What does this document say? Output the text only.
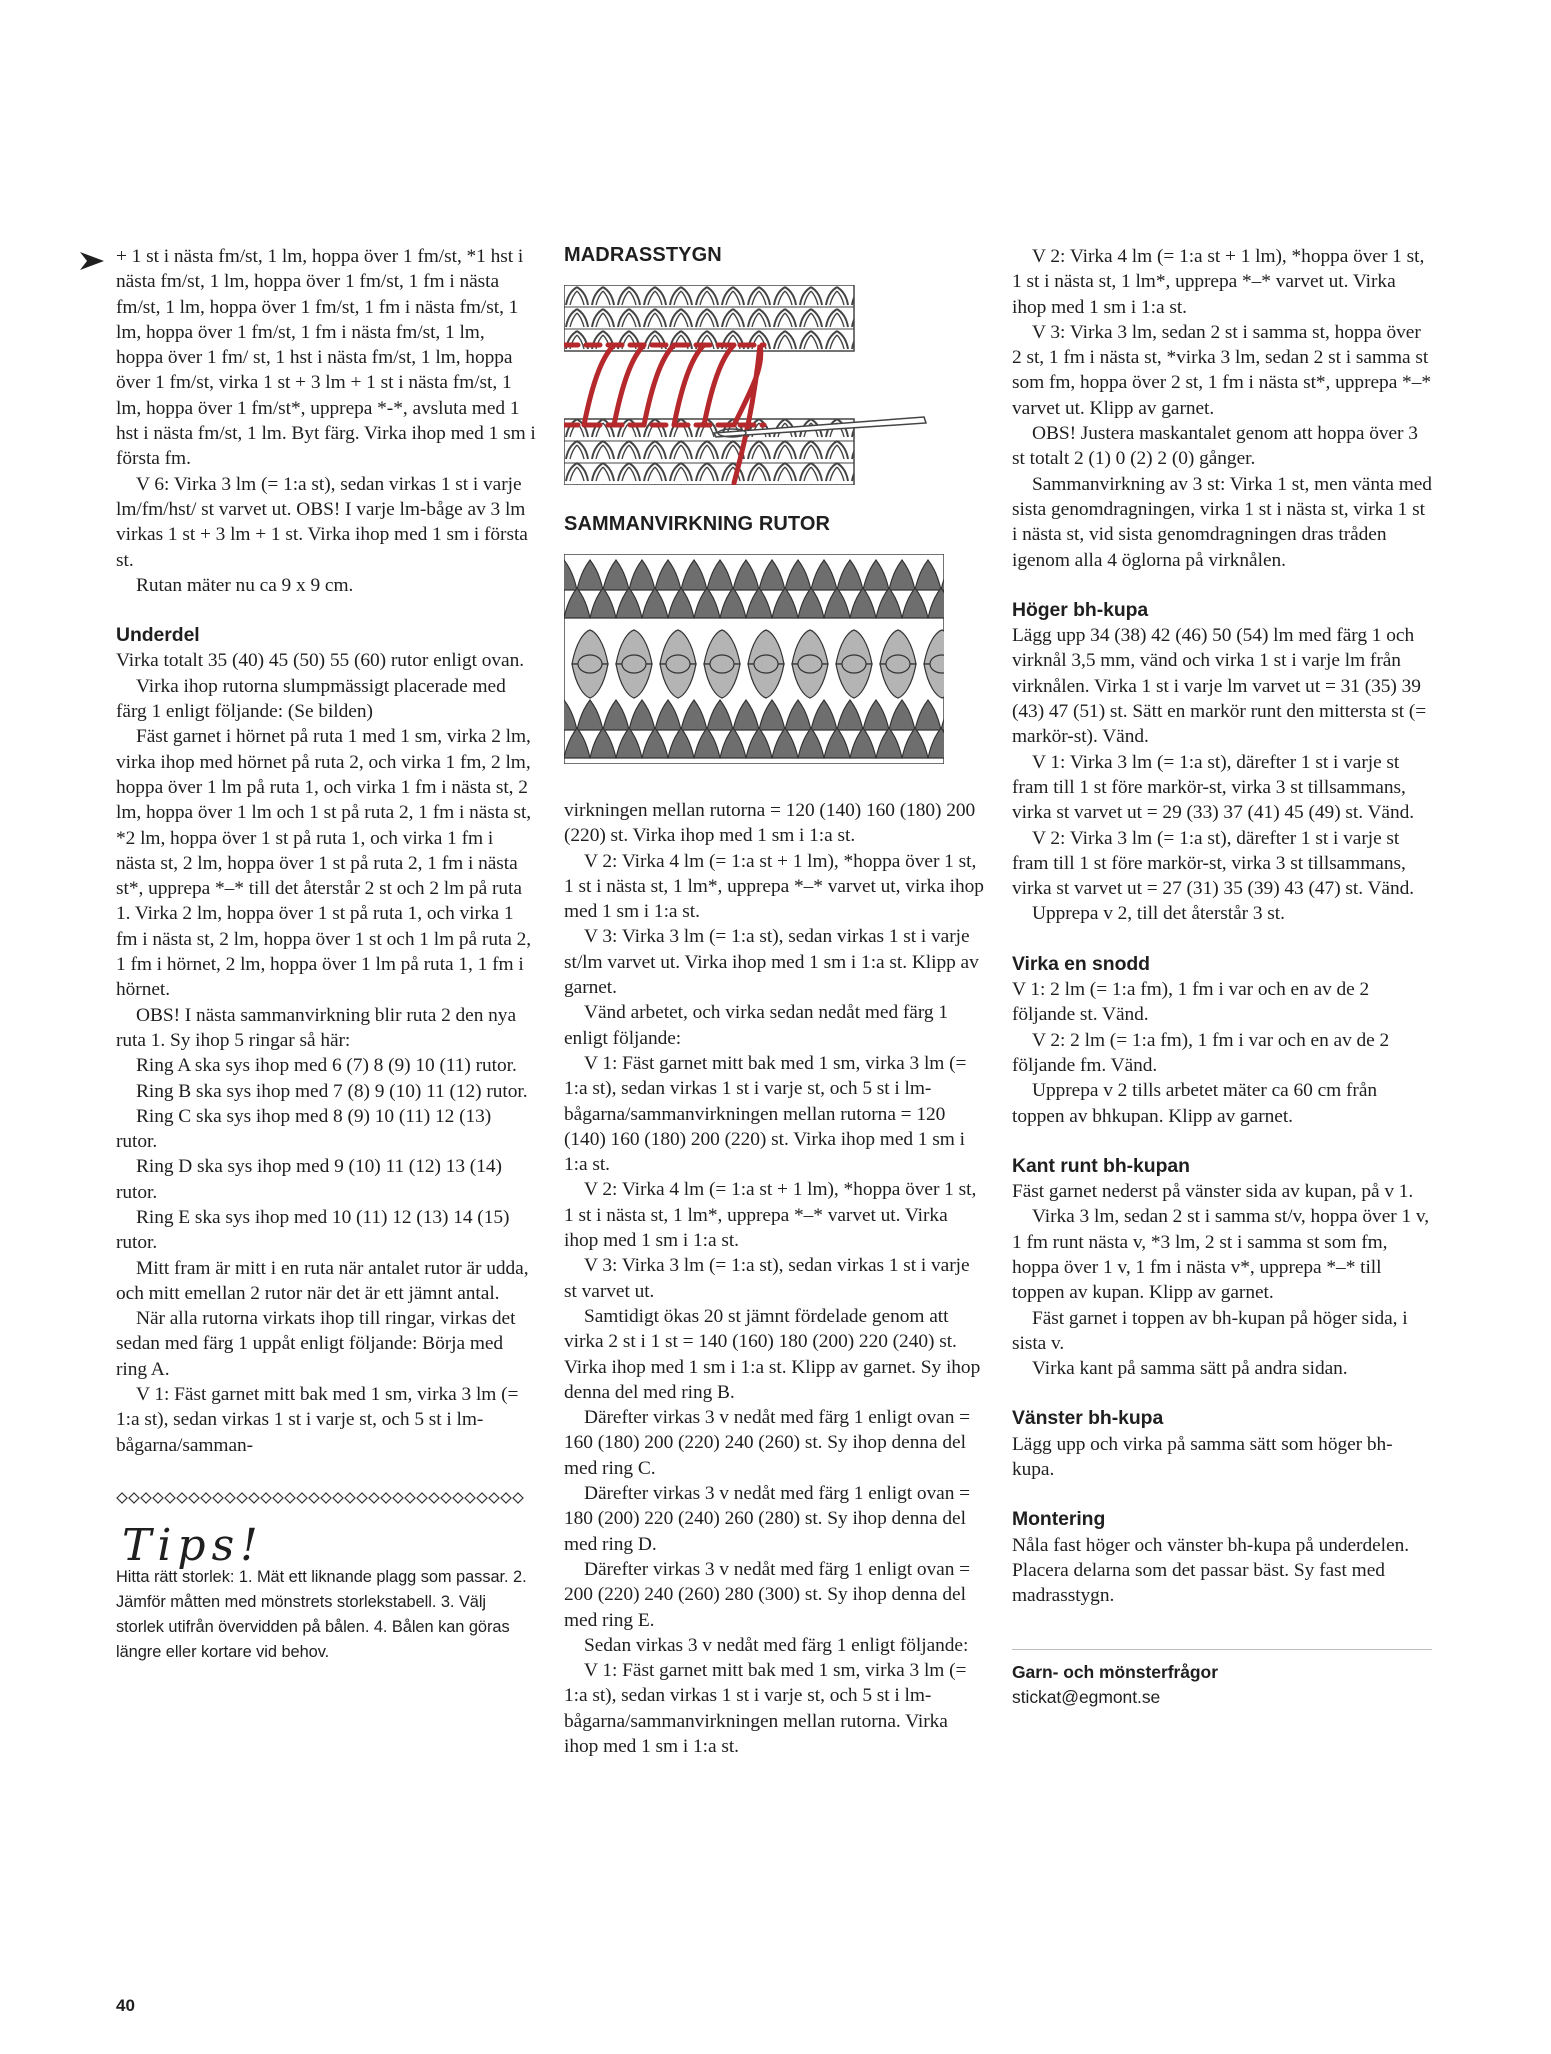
+ 1 st i nästa fm/st, 1 lm, hoppa över 1 fm/st, *1 hst i nästa fm/st, 1 lm, hoppa över 1 fm/st, 1 fm i nästa fm/st, 1 lm, hoppa över 1 fm/st, 1 fm i nästa fm/st, 1 lm, hoppa över 1 fm/st, 1 fm i nästa fm/st, 1 lm, hoppa över 1 fm/ st, 1 hst i nästa fm/st, 1 lm, hoppa över 1 fm/st, virka 1 st + 3 lm + 1 st i nästa fm/st, 1 lm, hoppa över 1 fm/st*, upprepa *-*, avsluta med 1 hst i nästa fm/st, 1 lm. Byt färg. Virka ihop med 1 sm i första fm.

V 6: Virka 3 lm (= 1:a st), sedan virkas 1 st i varje lm/fm/hst/ st varvet ut. OBS! I varje lm-båge av 3 lm virkas 1 st + 3 lm + 1 st. Virka ihop med 1 sm i första st.

Rutan mäter nu ca 9 x 9 cm.

Underdel

Virka totalt 35 (40) 45 (50) 55 (60) rutor enligt ovan.

Virka ihop rutorna slumpmässigt placerade med färg 1 enligt följande: (Se bilden)

Fäst garnet i hörnet på ruta 1 med 1 sm, virka 2 lm, virka ihop med hörnet på ruta 2, och virka 1 fm, 2 lm, hoppa över 1 lm på ruta 1, och virka 1 fm i nästa st, 2 lm, hoppa över 1 lm och 1 st på ruta 2, 1 fm i nästa st, *2 lm, hoppa över 1 st på ruta 1, och virka 1 fm i nästa st, 2 lm, hoppa över 1 st på ruta 2, 1 fm i nästa st*, upprepa *–* till det återstår 2 st och 2 lm på ruta 1. Virka 2 lm, hoppa över 1 st på ruta 1, och virka 1 fm i nästa st, 2 lm, hoppa över 1 st och 1 lm på ruta 2, 1 fm i hörnet, 2 lm, hoppa över 1 lm på ruta 1, 1 fm i hörnet.

OBS! I nästa sammanvirkning blir ruta 2 den nya ruta 1. Sy ihop 5 ringar så här:

Ring A ska sys ihop med 6 (7) 8 (9) 10 (11) rutor.

Ring B ska sys ihop med 7 (8) 9 (10) 11 (12) rutor.

Ring C ska sys ihop med 8 (9) 10 (11) 12 (13) rutor.

Ring D ska sys ihop med 9 (10) 11 (12) 13 (14) rutor.

Ring E ska sys ihop med 10 (11) 12 (13) 14 (15) rutor.

Mitt fram är mitt i en ruta när antalet rutor är udda, och mitt emellan 2 rutor när det är ett jämnt antal.

När alla rutorna virkats ihop till ringar, virkas det sedan med färg 1 uppåt enligt följande: Börja med ring A.

V 1: Fäst garnet mitt bak med 1 sm, virka 3 lm (= 1:a st), sedan virkas 1 st i varje st, och 5 st i lm-bågarna/samman-

Tips!

Hitta rätt storlek: 1. Mät ett liknande plagg som passar. 2. Jämför måtten med mönstrets storlekstabell. 3. Välj storlek utifrån övervidden på bålen. 4. Bålen kan göras längre eller kortare vid behov.

MADRASSTYGN
SAMMANVIRKNING RUTOR

virkningen mellan rutorna = 120 (140) 160 (180) 200 (220) st. Virka ihop med 1 sm i 1:a st.

V 2: Virka 4 lm (= 1:a st + 1 lm), *hoppa över 1 st, 1 st i nästa st, 1 lm*, upprepa *–* varvet ut, virka ihop med 1 sm i 1:a st.

V 3: Virka 3 lm (= 1:a st), sedan virkas 1 st i varje st/lm varvet ut. Virka ihop med 1 sm i 1:a st. Klipp av garnet.

Vänd arbetet, och virka sedan nedåt med färg 1 enligt följande:

V 1: Fäst garnet mitt bak med 1 sm, virka 3 lm (= 1:a st), sedan virkas 1 st i varje st, och 5 st i lm-bågarna/sammanvirkningen mellan rutorna = 120 (140) 160 (180) 200 (220) st. Virka ihop med 1 sm i 1:a st.

V 2: Virka 4 lm (= 1:a st + 1 lm), *hoppa över 1 st, 1 st i nästa st, 1 lm*, upprepa *–* varvet ut. Virka ihop med 1 sm i 1:a st.

V 3: Virka 3 lm (= 1:a st), sedan virkas 1 st i varje st varvet ut.

Samtidigt ökas 20 st jämnt fördelade genom att virka 2 st i 1 st = 140 (160) 180 (200) 220 (240) st. Virka ihop med 1 sm i 1:a st. Klipp av garnet. Sy ihop denna del med ring B.

Därefter virkas 3 v nedåt med färg 1 enligt ovan = 160 (180) 200 (220) 240 (260) st. Sy ihop denna del med ring C.

Därefter virkas 3 v nedåt med färg 1 enligt ovan = 180 (200) 220 (240) 260 (280) st. Sy ihop denna del med ring D.

Därefter virkas 3 v nedåt med färg 1 enligt ovan = 200 (220) 240 (260) 280 (300) st. Sy ihop denna del med ring E.

Sedan virkas 3 v nedåt med färg 1 enligt följande:

V 1: Fäst garnet mitt bak med 1 sm, virka 3 lm (= 1:a st), sedan virkas 1 st i varje st, och 5 st i lm-bågarna/sammanvirkningen mellan rutorna. Virka ihop med 1 sm i 1:a st.

V 2: Virka 4 lm (= 1:a st + 1 lm), *hoppa över 1 st, 1 st i nästa st, 1 lm*, upprepa *–* varvet ut. Virka ihop med 1 sm i 1:a st.

V 3: Virka 3 lm, sedan 2 st i samma st, hoppa över 2 st, 1 fm i nästa st, *virka 3 lm, sedan 2 st i samma st som fm, hoppa över 2 st, 1 fm i nästa st*, upprepa *–* varvet ut. Klipp av garnet.

OBS! Justera maskantalet genom att hoppa över 3 st totalt 2 (1) 0 (2) 2 (0) gånger.

Sammanvirkning av 3 st: Virka 1 st, men vänta med sista genomdragningen, virka 1 st i nästa st, virka 1 st i nästa st, vid sista genomdragningen dras tråden igenom alla 4 öglorna på virknålen.

Höger bh-kupa

Lägg upp 34 (38) 42 (46) 50 (54) lm med färg 1 och virknål 3,5 mm, vänd och virka 1 st i varje lm från virknålen. Virka 1 st i varje lm varvet ut = 31 (35) 39 (43) 47 (51) st. Sätt en markör runt den mittersta st (= markör-st). Vänd.

V 1: Virka 3 lm (= 1:a st), därefter 1 st i varje st fram till 1 st före markör-st, virka 3 st tillsammans, virka st varvet ut = 29 (33) 37 (41) 45 (49) st. Vänd.

V 2: Virka 3 lm (= 1:a st), därefter 1 st i varje st fram till 1 st före markör-st, virka 3 st tillsammans, virka st varvet ut = 27 (31) 35 (39) 43 (47) st. Vänd.

Upprepa v 2, till det återstår 3 st.

Virka en snodd

V 1: 2 lm (= 1:a fm), 1 fm i var och en av de 2 följande st. Vänd.

V 2: 2 lm (= 1:a fm), 1 fm i var och en av de 2 följande fm. Vänd.

Upprepa v 2 tills arbetet mäter ca 60 cm från toppen av bhkupan. Klipp av garnet.

Kant runt bh-kupan

Fäst garnet nederst på vänster sida av kupan, på v 1.

Virka 3 lm, sedan 2 st i samma st/v, hoppa över 1 v, 1 fm runt nästa v, *3 lm, 2 st i samma st som fm, hoppa över 1 v, 1 fm i nästa v*, upprepa *–* till toppen av kupan. Klipp av garnet.

Fäst garnet i toppen av bh-kupan på höger sida, i sista v.

Virka kant på samma sätt på andra sidan.

Vänster bh-kupa

Lägg upp och virka på samma sätt som höger bh-kupa.

Montering

Nåla fast höger och vänster bh-kupa på underdelen. Placera delarna som det passar bäst. Sy fast med madrasstygn.

Garn- och mönsterfrågor

stickat@egmont.se

40
